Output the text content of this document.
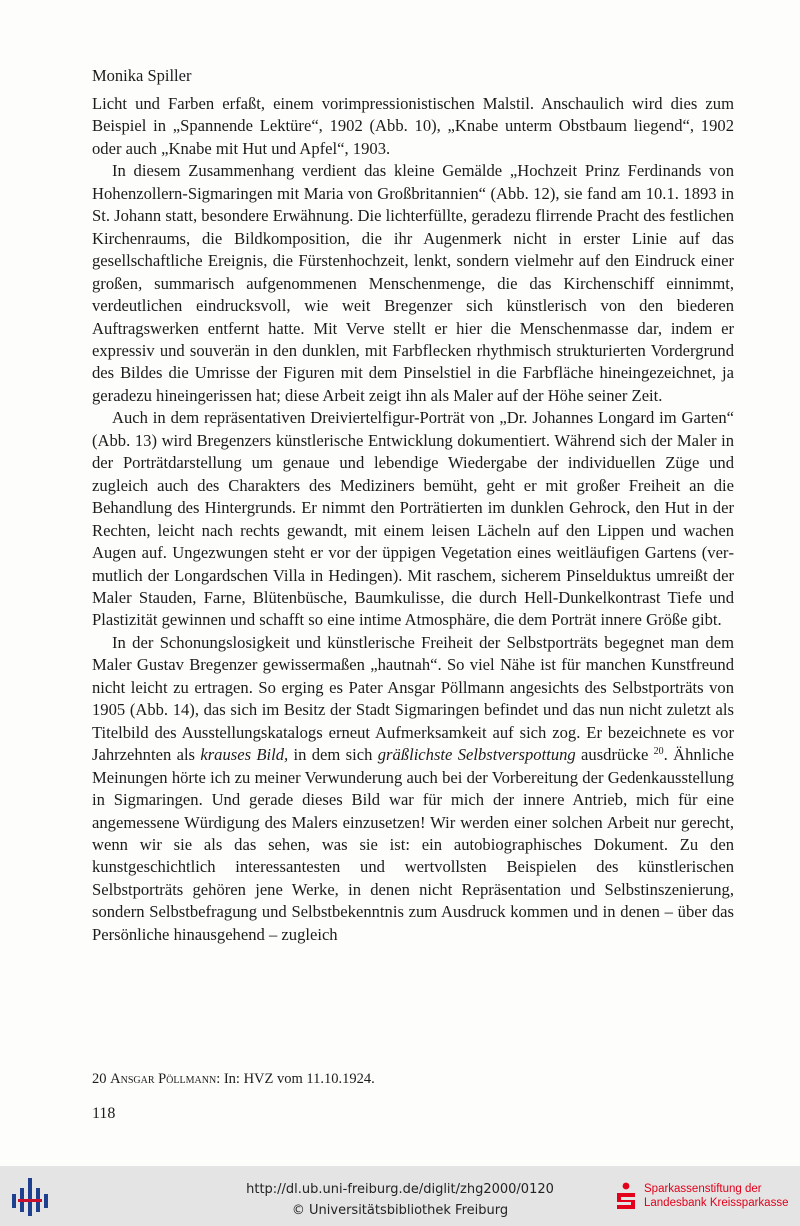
Monika Spiller

Licht und Farben erfaßt, einem vorimpressionistischen Malstil. Anschaulich wird dies zum Beispiel in „Spannende Lektüre“, 1902 (Abb. 10), „Knabe unterm Obstbaum liegend“, 1902 oder auch „Knabe mit Hut und Apfel“, 1903.

In diesem Zusammenhang verdient das kleine Gemälde „Hochzeit Prinz Ferdinands von Hohenzollern-Sigmaringen mit Maria von Großbritannien“ (Abb. 12), sie fand am 10.1. 1893 in St. Johann statt, besondere Erwähnung. Die lichterfüllte, geradezu flirrende Pracht des festlichen Kirchenraums, die Bildkomposition, die ihr Augenmerk nicht in erster Linie auf das gesellschaftliche Ereignis, die Fürstenhochzeit, lenkt, sondern vielmehr auf den Eindruck einer großen, summarisch aufgenommenen Menschenmenge, die das Kirchenschiff einnimmt, verdeutlichen eindrucksvoll, wie weit Bregenzer sich künstlerisch von den biederen Auftragswerken entfernt hatte. Mit Verve stellt er hier die Menschenmasse dar, indem er expressiv und souverän in den dunklen, mit Farbflecken rhythmisch strukturierten Vordergrund des Bildes die Umrisse der Figuren mit dem Pinselstiel in die Farbfläche hineingezeichnet, ja geradezu hineingerissen hat; diese Arbeit zeigt ihn als Maler auf der Höhe seiner Zeit.

Auch in dem repräsentativen Dreiviertelfigur-Porträt von „Dr. Johannes Longard im Garten“ (Abb. 13) wird Bregenzers künstlerische Entwicklung dokumentiert. Während sich der Maler in der Porträtdarstellung um genaue und lebendige Wiedergabe der individuellen Züge und zugleich auch des Charakters des Mediziners bemüht, geht er mit großer Freiheit an die Behandlung des Hintergrunds. Er nimmt den Porträtierten im dunklen Gehrock, den Hut in der Rechten, leicht nach rechts gewandt, mit einem leisen Lächeln auf den Lippen und wachen Augen auf. Ungezwungen steht er vor der üppigen Vegetation eines weitläufigen Gartens (vermutlich der Longardschen Villa in Hedingen). Mit raschem, sicherem Pinselduktus umreißt der Maler Stauden, Farne, Blütenbüsche, Baumkulisse, die durch Hell-Dunkelkontrast Tiefe und Plastizität gewinnen und schafft so eine intime Atmosphäre, die dem Porträt innere Größe gibt.

In der Schonungslosigkeit und künstlerische Freiheit der Selbstporträts begegnet man dem Maler Gustav Bregenzer gewissermaßen „hautnah“. So viel Nähe ist für manchen Kunstfreund nicht leicht zu ertragen. So erging es Pater Ansgar Pöllmann angesichts des Selbstporträts von 1905 (Abb. 14), das sich im Besitz der Stadt Sigmaringen befindet und das nun nicht zuletzt als Titelbild des Ausstellungskatalogs erneut Aufmerksamkeit auf sich zog. Er bezeichnete es vor Jahrzehnten als krauses Bild, in dem sich gräßlichste Selbstverspottung ausdrücke $^{20}$. Ähnliche Meinungen hörte ich zu meiner Verwunderung auch bei der Vorbereitung der Gedenkausstellung in Sigmaringen. Und gerade dieses Bild war für mich der innere Antrieb, mich für eine angemessene Würdigung des Malers einzusetzen! Wir werden einer solchen Arbeit nur gerecht, wenn wir sie als das sehen, was sie ist: ein autobiographisches Dokument. Zu den kunstgeschichtlich interessantesten und wertvollsten Beispielen des künstlerischen Selbstporträts gehören jene Werke, in denen nicht Repräsentation und Selbstinszenierung, sondern Selbstbefragung und Selbstbekenntnis zum Ausdruck kommen und in denen – über das Persönliche hinausgehend – zugleich

20 Ansgar Pöllmann: In: HVZ vom 11.10.1924.
118
http://dl.ub.uni-freiburg.de/diglit/zhg2000/0120
© Universitätsbibliothek Freiburg
Sparkassenstiftung der
Landesbank Kreissparkasse
